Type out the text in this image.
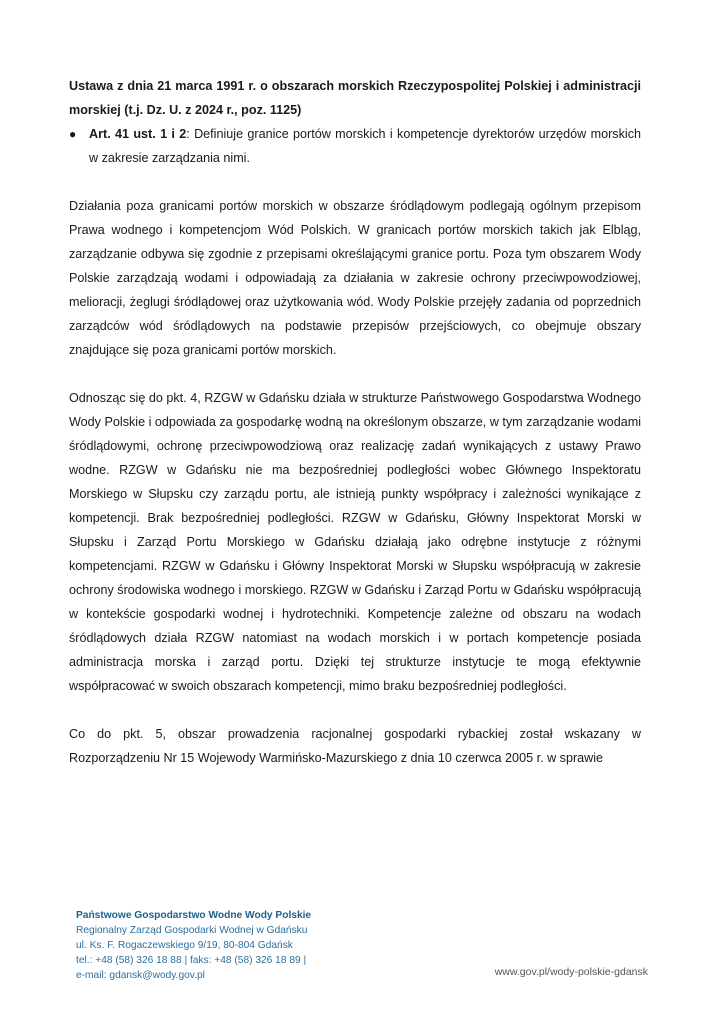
Ustawa z dnia 21 marca 1991 r. o obszarach morskich Rzeczypospolitej Polskiej i administracji morskiej (t.j. Dz. U. z 2024 r., poz. 1125)
●	Art. 41 ust. 1 i 2: Definiuje granice portów morskich i kompetencje dyrektorów urzędów morskich w zakresie zarządzania nimi.

Działania poza granicami portów morskich w obszarze śródlądowym podlegają ogólnym przepisom Prawa wodnego i kompetencjom Wód Polskich. W granicach portów morskich takich jak Elbląg, zarządzanie odbywa się zgodnie z przepisami określającymi granice portu. Poza tym obszarem Wody Polskie zarządzają wodami i odpowiadają za działania w zakresie ochrony przeciwpowodziowej, melioracji, żeglugi śródlądowej oraz użytkowania wód. Wody Polskie przejęły zadania od poprzednich zarządców wód śródlądowych na podstawie przepisów przejściowych, co obejmuje obszary znajdujące się poza granicami portów morskich.

Odnosząc się do pkt. 4, RZGW w Gdańsku działa w strukturze Państwowego Gospodarstwa Wodnego Wody Polskie i odpowiada za gospodarkę wodną na określonym obszarze, w tym zarządzanie wodami śródlądowymi, ochronę przeciwpowodziową oraz realizację zadań wynikających z ustawy Prawo wodne. RZGW w Gdańsku nie ma bezpośredniej podległości wobec Głównego Inspektoratu Morskiego w Słupsku czy zarządu portu, ale istnieją punkty współpracy i zależności wynikające z kompetencji. Brak bezpośredniej podległości. RZGW w Gdańsku, Główny Inspektorat Morski w Słupsku i Zarząd Portu Morskiego w Gdańsku działają jako odrębne instytucje z różnymi kompetencjami. RZGW w Gdańsku i Główny Inspektorat Morski w Słupsku współpracują w zakresie ochrony środowiska wodnego i morskiego. RZGW w Gdańsku i Zarząd Portu w Gdańsku współpracują w kontekście gospodarki wodnej i hydrotechniki. Kompetencje zależne od obszaru na wodach śródlądowych działa RZGW natomiast na wodach morskich i w portach kompetencje posiada administracja morska i zarząd portu. Dzięki tej strukturze instytucje te mogą efektywnie współpracować w swoich obszarach kompetencji, mimo braku bezpośredniej podległości.

Co do pkt. 5, obszar prowadzenia racjonalnej gospodarki rybackiej został wskazany w Rozporządzeniu Nr 15 Wojewody Warmińsko-Mazurskiego z dnia 10 czerwca 2005 r. w sprawie

Państwowe Gospodarstwo Wodne Wody Polskie
Regionalny Zarząd Gospodarki Wodnej w Gdańsku
ul. Ks. F. Rogaczewskiego 9/19, 80-804 Gdańsk
tel.: +48 (58) 326 18 88 | faks: +48 (58) 326 18 89 |
e-mail: gdansk@wody.gov.pl	www.gov.pl/wody-polskie-gdansk
